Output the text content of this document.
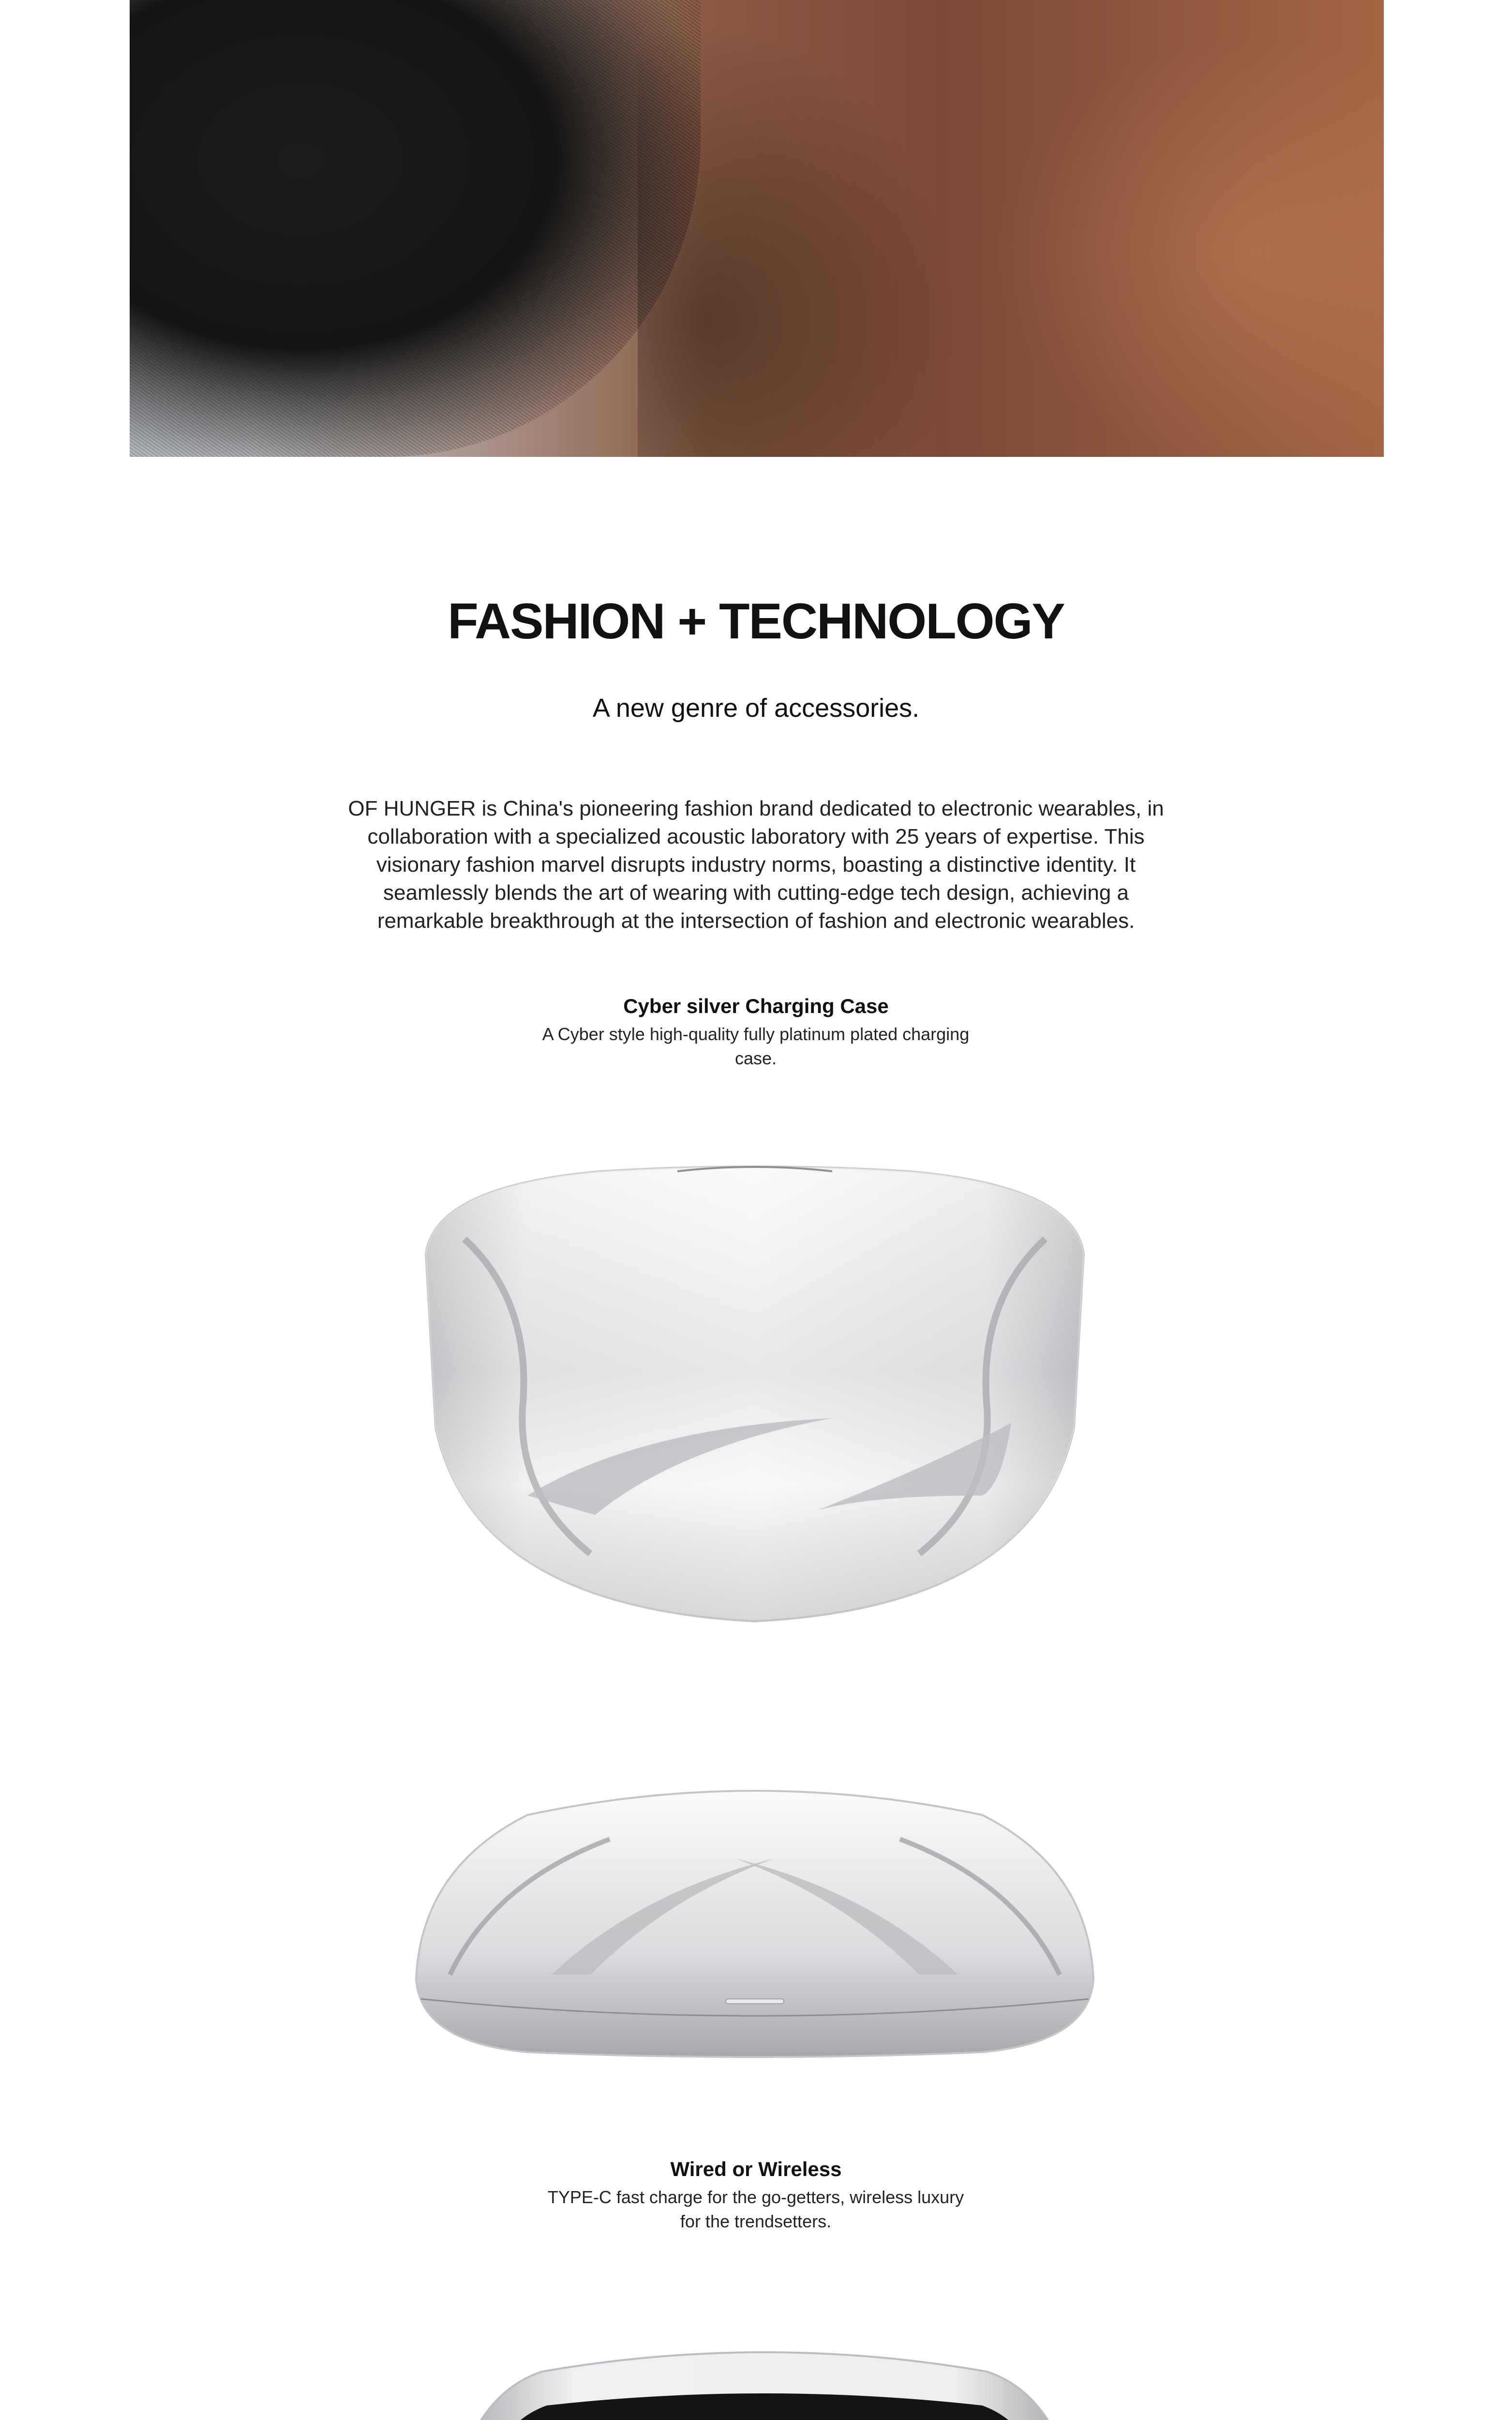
FASHION + TECHNOLOGY
A new genre of accessories.

OF HUNGER is China's pioneering fashion brand dedicated to electronic wearables, in collaboration with a specialized acoustic laboratory with 25 years of expertise. This visionary fashion marvel disrupts industry norms, boasting a distinctive identity. It seamlessly blends the art of wearing with cutting-edge tech design, achieving a remarkable breakthrough at the intersection of fashion and electronic wearables.

Cyber silver Charging Case

A Cyber style high-quality fully platinum plated charging case.

Wired or Wireless

TYPE-C fast charge for the go-getters, wireless luxury for the trendsetters.
